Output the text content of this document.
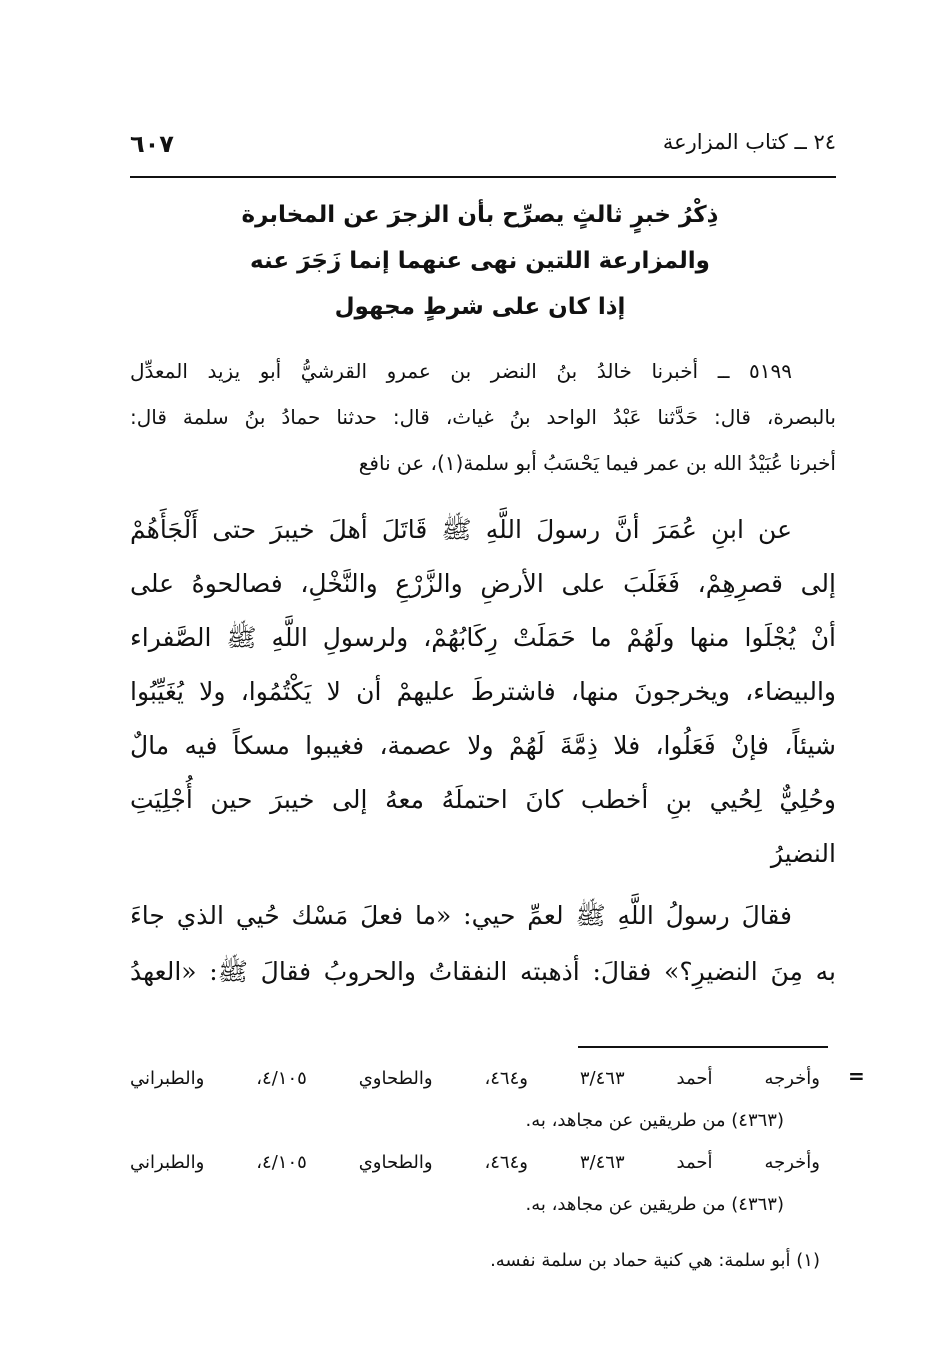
٢٤ ــ كتاب المزارعة
٦٠٧
ذِكْرُ خبرٍ ثالثٍ يصرِّح بأن الزجرَ عن المخابرة
والمزارعة اللتين نهى عنهما إنما زَجَرَ عنه
إذا كان على شرطٍ مجهول
٥١٩٩ ــ أخبرنا خالدُ بنُ النضر بن عمرو القرشيُّ أبو يزيد المعدِّل
بالبصرة، قال: حَدَّثنا عَبْدُ الواحد بنُ غياث، قال: حدثنا حمادُ بنُ سلمة قال:
أخبرنا عُبَيْدُ الله بن عمر فيما يَحْسَبُ أبو سلمة(١)، عن نافع
عن ابنِ عُمَرَ أنَّ رسولَ اللَّهِ ﷺ قَاتَلَ أهلَ خيبرَ حتى أَلْجَأَهُمْ
إلى قصرِهِمْ، فَغَلَبَ على الأرضِ والزَّرْعِ والنَّخْلِ، فصالحوهُ على
أنْ يُجْلَوا منها ولَهُمْ ما حَمَلَتْ رِكَابُهُمْ، ولرسولِ اللَّهِ ﷺ الصَّفراء
والبيضاء، ويخرجونَ منها، فاشترطَ عليهمْ أن لا يَكْتُمُوا، ولا يُغَيِّبُوا
شيئاً، فإنْ فَعَلُوا، فلا ذِمَّةَ لَهُمْ ولا عصمة، فغيبوا مسكاً فيه مالٌ
وحُلِيٌّ لِحُيي بنِ أخطب كانَ احتملَهُ معهُ إلى خيبرَ حين أُجْلِيَتِ
النضيرُ
فقالَ رسولُ اللَّهِ ﷺ لعمِّ حيي: «ما فعلَ مَسْك حُيي الذي جاءَ
به مِنَ النضيرِ؟» فقالَ: أذهبته النفقاتُ والحروبُ فقالَ ﷺ: «العهدُ
=
وأخرجه أحمد ٣/٤٦٣ و٤٦٤، والطحاوي ٤/١٠٥، والطبراني
(٤٣٦٣) من طريقين عن مجاهد، به.
وأخرجه أحمد ٣/٤٦٣ و٤٦٤، والطحاوي ٤/١٠٥، والطبراني
(٤٣٦٣) من طريقين عن مجاهد، به.
(١) أبو سلمة: هي كنية حماد بن سلمة نفسه.
